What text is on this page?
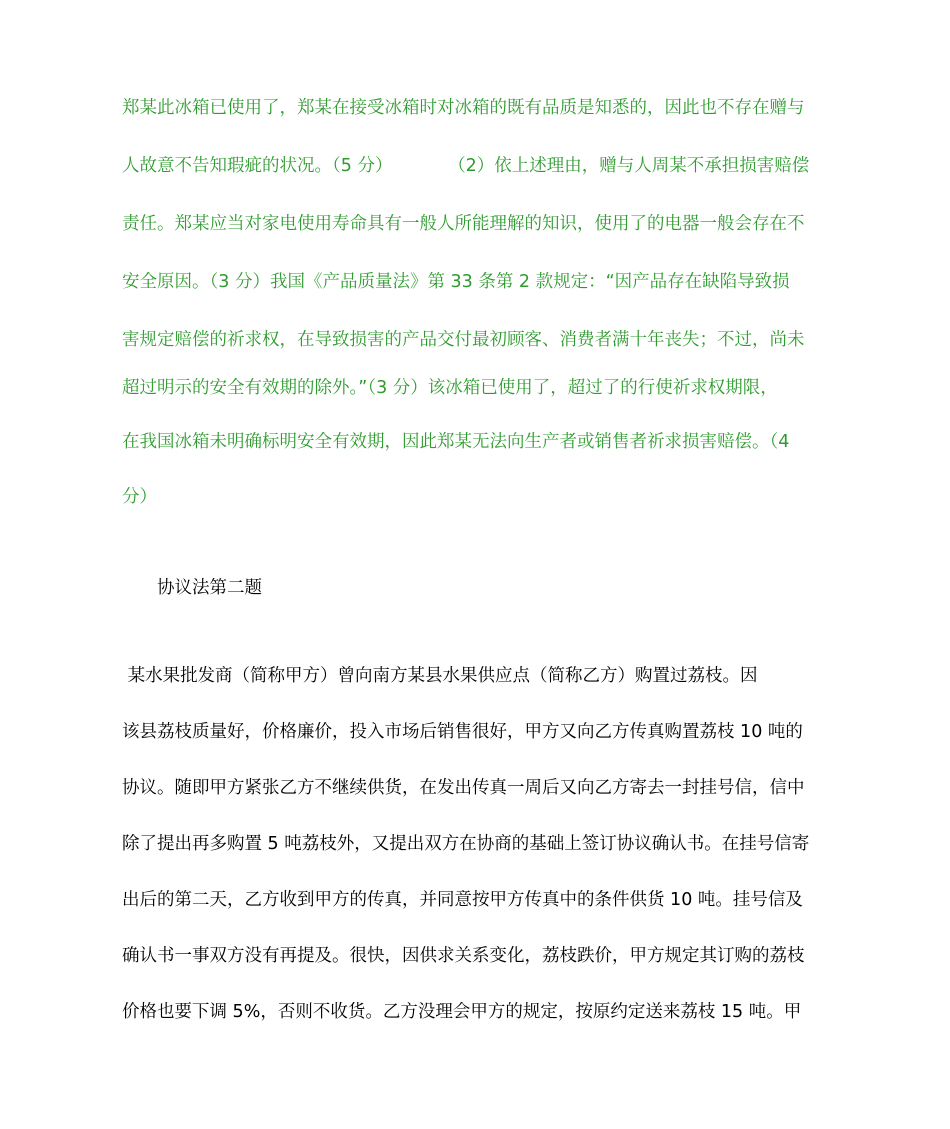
郑某此冰箱已使用了，郑某在接受冰箱时对冰箱的既有品质是知悉的，因此也不存在赠与
人故意不告知瑕疵的状况。（5 分）          （2）依上述理由，赠与人周某不承担损害赔偿
责任。郑某应当对家电使用寿命具有一般人所能理解的知识，使用了的电器一般会存在不
安全原因。（3 分）我国《产品质量法》第 33 条第 2 款规定：“因产品存在缺陷导致损
害规定赔偿的祈求权，在导致损害的产品交付最初顾客、消费者满十年丧失；不过，尚未
超过明示的安全有效期的除外。”（3 分）该冰箱已使用了，超过了的行使祈求权期限，
在我国冰箱未明确标明安全有效期，因此郑某无法向生产者或销售者祈求损害赔偿。（4
分）
协议法第二题
某水果批发商（简称甲方）曾向南方某县水果供应点（简称乙方）购置过荔枝。因
该县荔枝质量好，价格廉价，投入市场后销售很好，甲方又向乙方传真购置荔枝 10 吨的
协议。随即甲方紧张乙方不继续供货，在发出传真一周后又向乙方寄去一封挂号信，信中
除了提出再多购置 5 吨荔枝外，又提出双方在协商的基础上签订协议确认书。在挂号信寄
出后的第二天，乙方收到甲方的传真，并同意按甲方传真中的条件供货 10 吨。挂号信及
确认书一事双方没有再提及。很快，因供求关系变化，荔枝跌价，甲方规定其订购的荔枝
价格也要下调 5%，否则不收货。乙方没理会甲方的规定，按原约定送来荔枝 15 吨。甲
